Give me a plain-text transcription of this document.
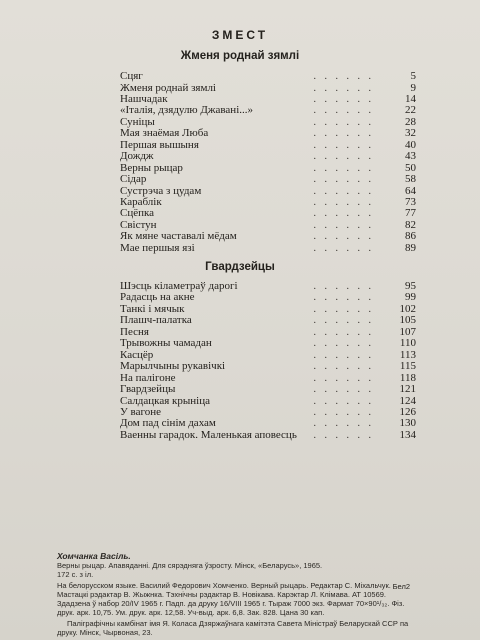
ЗМЕСТ
Жменя роднай зямлі
Гвардзейцы
Сцяг	. . . . . .	5
Жменя роднай зямлі	. . . . . .	9
Нашчадак	. . . . . .	14
«Італія, дзядулю Джавані...»	. . . . . .	22
Суніцы	. . . . . .	28
Мая знаёмая Люба	. . . . . .	32
Першая вышыня	. . . . . .	40
Дождж	. . . . . .	43
Верны рыцар	. . . . . .	50
Сідар	. . . . . .	58
Сустрэча з цудам	. . . . . .	64
Караблік	. . . . . .	73
Сцёпка	. . . . . .	77
Свістун	. . . . . .	82
Як мяне частавалі мёдам	. . . . . .	86
Мае першыя язі	. . . . . .	89
Шэсць кіламетраў дарогі	. . . . . .	95
Радасць на акне	. . . . . .	99
Танкі і мячык	. . . . . .	102
Плашч-палатка	. . . . . .	105
Песня	. . . . . .	107
Трывожны чамадан	. . . . . .	110
Касцёр	. . . . . .	113
Марылчыны рукавічкі	. . . . . .	115
На палігоне	. . . . . .	118
Гвардзейцы	. . . . . .	121
Салдацкая крыніца	. . . . . .	124
У вагоне	. . . . . .	126
Дом пад сінім дахам	. . . . . .	130
Ваенны гарадок. Маленькая аповесць . . . . . .	134
Хомчанка Васіль.
Верны рыцар. Апавяданні. Для сярэдняга ўзросту. Мінск, «Беларусь», 1965.
172 с. з іл.
На белорусском языке. Василий Федорович Хомченко. Верный рыцарь. Редактар С. Міхальчук. Мастацкі рэдактар В. Жыжнка. Тэхнічны рэдактар В. Новікава. Карэктар Л. Клімава. АТ 10569. Здадзена ў набор 20/IV 1965 г. Падп. да друку 16/VIII 1965 г. Тыраж 7000 экз. Фармат 70×90¹/₃₂. Фіз. друк. арк. 10,75. Ум. друк. арк. 12,58. Уч-выд. арк. 6,8. Зак. 828. Цана 30 кап.
Паліграфічны камбінат імя Я. Коласа Дзяржаўнага камітэта Савета Міністраў Беларускай ССР па друку. Мінск, Чырвоная, 23.
Бел2
